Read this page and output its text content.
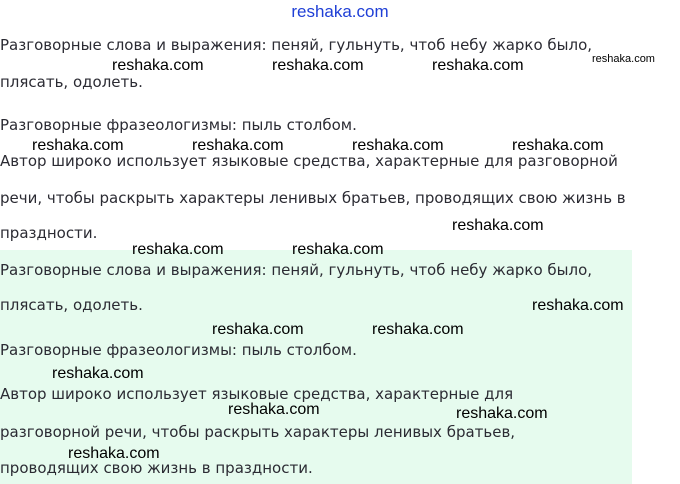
reshaka.com
Разговорные слова и выражения: пеняй, гульнуть, чтоб небу жарко было,
плясать, одолеть.
Разговорные фразеологизмы: пыль столбом.
Автор широко использует языковые средства, характерные для разговорной
речи, чтобы раскрыть характеры ленивых братьев, проводящих свою жизнь в
праздности.
Разговорные слова и выражения: пеняй, гульнуть, чтоб небу жарко было,
плясать, одолеть.
Разговорные фразеологизмы: пыль столбом.
Автор широко использует языковые средства, характерные для
разговорной речи, чтобы раскрыть характеры ленивых братьев,
проводящих свою жизнь в праздности.
reshaka.com	reshaka.com	reshaka.com	reshaka.com
reshaka.com	reshaka.com	reshaka.com	reshaka.com
reshaka.com
reshaka.com	reshaka.com
reshaka.com
reshaka.com	reshaka.com
reshaka.com
reshaka.com	reshaka.com
reshaka.com
